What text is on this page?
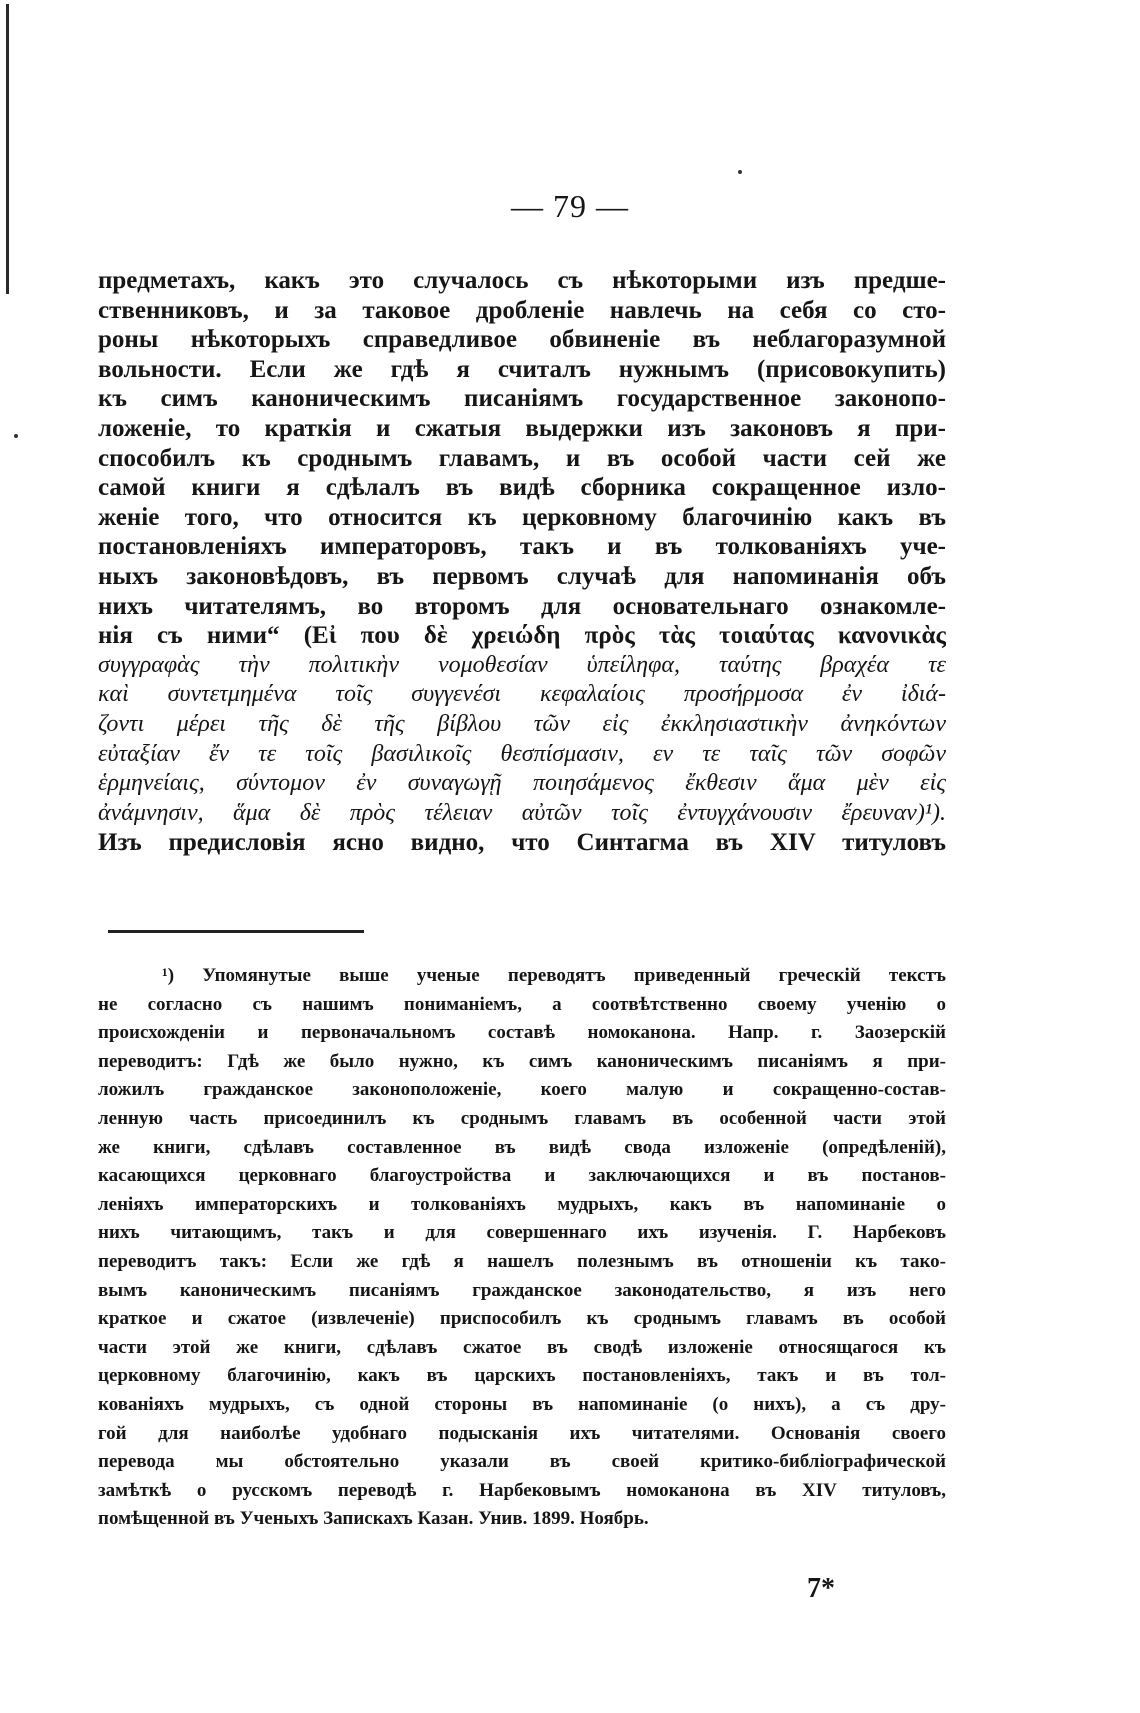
— 79 —
предметахъ, какъ это случалось съ нѣкоторыми изъ предше-
ственниковъ, и за таковое дробленіе навлечь на себя со сто-
роны нѣкоторыхъ справедливое обвиненіе въ неблагоразумной
вольности. Если же гдѣ я считалъ нужнымъ (присовокупить)
къ симъ каноническимъ писаніямъ государственное законопо-
ложеніе, то краткія и сжатыя выдержки изъ законовъ я при-
способилъ къ сроднымъ главамъ, и въ особой части сей же
самой книги я сдѣлалъ въ видѣ сборника сокращенное изло-
женіе того, что относится къ церковному благочинію какъ въ
постановленіяхъ императоровъ, такъ и въ толкованіяхъ уче-
ныхъ законовѣдовъ, въ первомъ случаѣ для напоминанія объ
нихъ читателямъ, во второмъ для основательнаго ознакомле-
нія съ ними“ (Εἰ που δὲ χρειώδη πρὸς τὰς τοιαύτας κανονικὰς
συγγραφὰς τὴν πολιτικὴν νομοθεσίαν ὑπείληφα, ταύτης βραχέα τε
καὶ συντετμημένα τοῖς συγγενέσι κεφαλαίοις προσήρμοσα ἐν ἰδιά-
ζοντι μέρει τῆς δὲ τῆς βίβλου τῶν εἰς ἐκκλησιαστικὴν ἀνηκόντων
εὐταξίαν ἔν τε τοῖς βασιλικοῖς θεσπίσμασιν, εν τε ταῖς τῶν σοφῶν
ἑρμηνείαις, σύντομον ἐν συναγωγῇ ποιησάμενος ἔκθεσιν ἅμα μὲν εἰς
ἀνάμνησιν, ἅμα δὲ πρὸς τέλειαν αὐτῶν τοῖς ἐντυγχάνουσιν ἔρευναν)¹).
Изъ предисловія ясно видно, что Синтагма въ XIV титуловъ
¹) Упомянутые выше ученые переводятъ приведенный греческій текстъ
не согласно съ нашимъ пониманіемъ, а соотвѣтственно своему ученію о
происхожденіи и первоначальномъ составѣ номоканона. Напр. г. Заозерскій
переводитъ: Гдѣ же было нужно, къ симъ каноническимъ писаніямъ я при-
ложилъ гражданское законоположеніе, коего малую и сокращенно-состав-
ленную часть присоединилъ къ сроднымъ главамъ въ особенной части этой
же книги, сдѣлавъ составленное въ видѣ свода изложеніе (опредѣленій),
касающихся церковнаго благоустройства и заключающихся и въ постанов-
леніяхъ императорскихъ и толкованіяхъ мудрыхъ, какъ въ напоминаніе о
нихъ читающимъ, такъ и для совершеннаго ихъ изученія. Г. Нарбековъ
переводитъ такъ: Если же гдѣ я нашелъ полезнымъ въ отношеніи къ тако-
вымъ каноническимъ писаніямъ гражданское законодательство, я изъ него
краткое и сжатое (извлеченіе) приспособилъ къ сроднымъ главамъ въ особой
части этой же книги, сдѣлавъ сжатое въ сводѣ изложеніе относящагося къ
церковному благочинію, какъ въ царскихъ постановленіяхъ, такъ и въ тол-
кованіяхъ мудрыхъ, съ одной стороны въ напоминаніе (о нихъ), а съ дру-
гой для наиболѣе удобнаго подысканія ихъ читателями. Основанія своего
перевода мы обстоятельно указали въ своей критико-библіографической
замѣткѣ о русскомъ переводѣ г. Нарбековымъ номоканона въ XIV титуловъ,
помѣщенной въ Ученыхъ Запискахъ Казан. Унив. 1899. Ноябрь.
7*
